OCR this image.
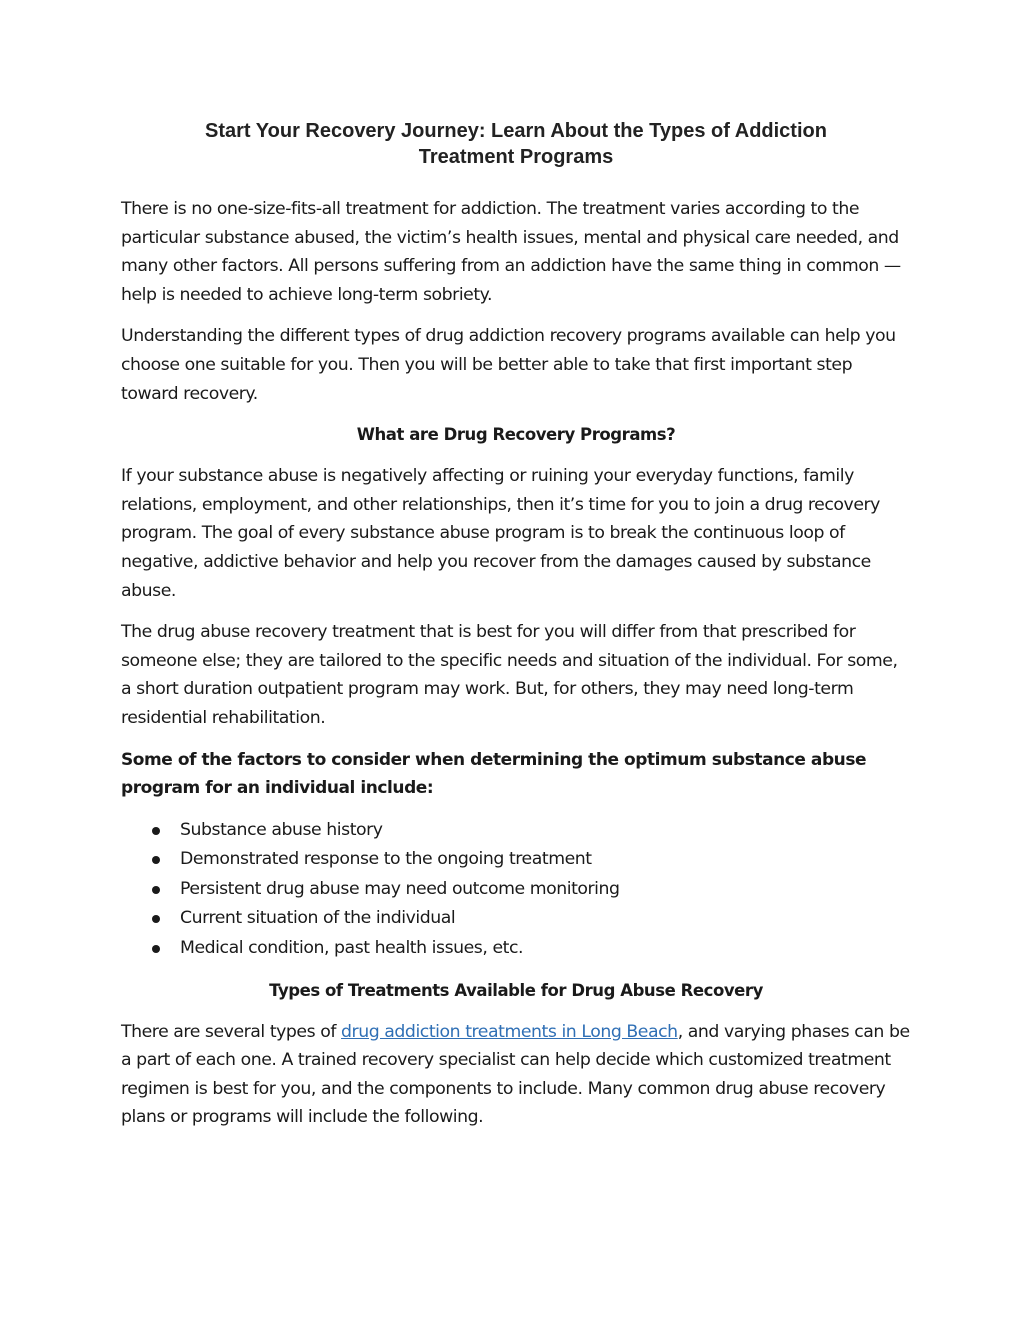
Start Your Recovery Journey: Learn About the Types of Addiction
Treatment Programs

There is no one-size-fits-all treatment for addiction. The treatment varies according to the particular substance abused, the victim’s health issues, mental and physical care needed, and many other factors. All persons suffering from an addiction have the same thing in common — help is needed to achieve long-term sobriety.

Understanding the different types of drug addiction recovery programs available can help you choose one suitable for you. Then you will be better able to take that first important step toward recovery.

What are Drug Recovery Programs?

If your substance abuse is negatively affecting or ruining your everyday functions, family relations, employment, and other relationships, then it’s time for you to join a drug recovery program. The goal of every substance abuse program is to break the continuous loop of negative, addictive behavior and help you recover from the damages caused by substance abuse.

The drug abuse recovery treatment that is best for you will differ from that prescribed for someone else; they are tailored to the specific needs and situation of the individual. For some, a short duration outpatient program may work. But, for others, they may need long-term residential rehabilitation.

Some of the factors to consider when determining the optimum substance abuse program for an individual include:

Substance abuse history
Demonstrated response to the ongoing treatment
Persistent drug abuse may need outcome monitoring
Current situation of the individual
Medical condition, past health issues, etc.
Types of Treatments Available for Drug Abuse Recovery

There are several types of drug addiction treatments in Long Beach, and varying phases can be a part of each one. A trained recovery specialist can help decide which customized treatment regimen is best for you, and the components to include. Many common drug abuse recovery plans or programs will include the following.
